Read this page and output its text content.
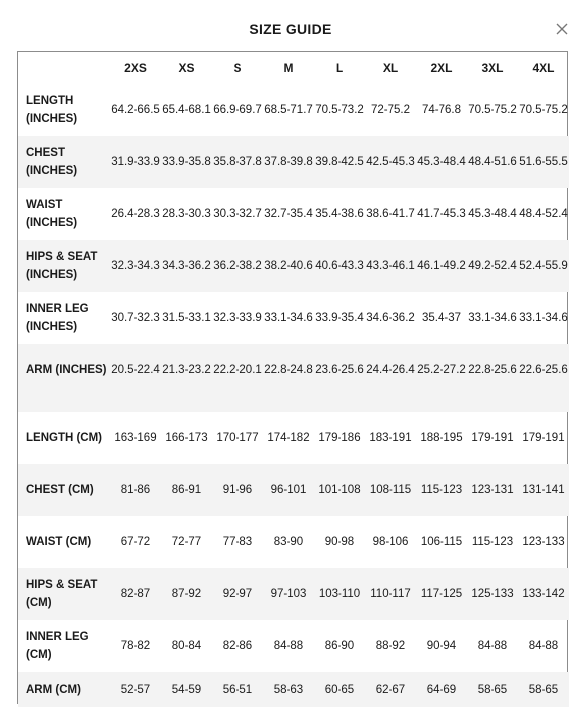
SIZE GUIDE
	2XS	XS	S	M	L	XL	2XL	3XL	4XL
LENGTH (INCHES)	64.2-66.5	65.4-68.1	66.9-69.7	68.5-71.7	70.5-73.2	72-75.2	74-76.8	70.5-75.2	70.5-75.2
CHEST (INCHES)	31.9-33.9	33.9-35.8	35.8-37.8	37.8-39.8	39.8-42.5	42.5-45.3	45.3-48.4	48.4-51.6	51.6-55.5
WAIST (INCHES)	26.4-28.3	28.3-30.3	30.3-32.7	32.7-35.4	35.4-38.6	38.6-41.7	41.7-45.3	45.3-48.4	48.4-52.4
HIPS & SEAT (INCHES)	32.3-34.3	34.3-36.2	36.2-38.2	38.2-40.6	40.6-43.3	43.3-46.1	46.1-49.2	49.2-52.4	52.4-55.9
INNER LEG (INCHES)	30.7-32.3	31.5-33.1	32.3-33.9	33.1-34.6	33.9-35.4	34.6-36.2	35.4-37	33.1-34.6	33.1-34.6
ARM (INCHES)	20.5-22.4	21.3-23.2	22.2-20.1	22.8-24.8	23.6-25.6	24.4-26.4	25.2-27.2	22.8-25.6	22.6-25.6

LENGTH (CM)	163-169	166-173	170-177	174-182	179-186	183-191	188-195	179-191	179-191
CHEST (CM)	81-86	86-91	91-96	96-101	101-108	108-115	115-123	123-131	131-141
WAIST (CM)	67-72	72-77	77-83	83-90	90-98	98-106	106-115	115-123	123-133
HIPS & SEAT (CM)	82-87	87-92	92-97	97-103	103-110	110-117	117-125	125-133	133-142
INNER LEG (CM)	78-82	80-84	82-86	84-88	86-90	88-92	90-94	84-88	84-88
ARM (CM)	52-57	54-59	56-51	58-63	60-65	62-67	64-69	58-65	58-65
